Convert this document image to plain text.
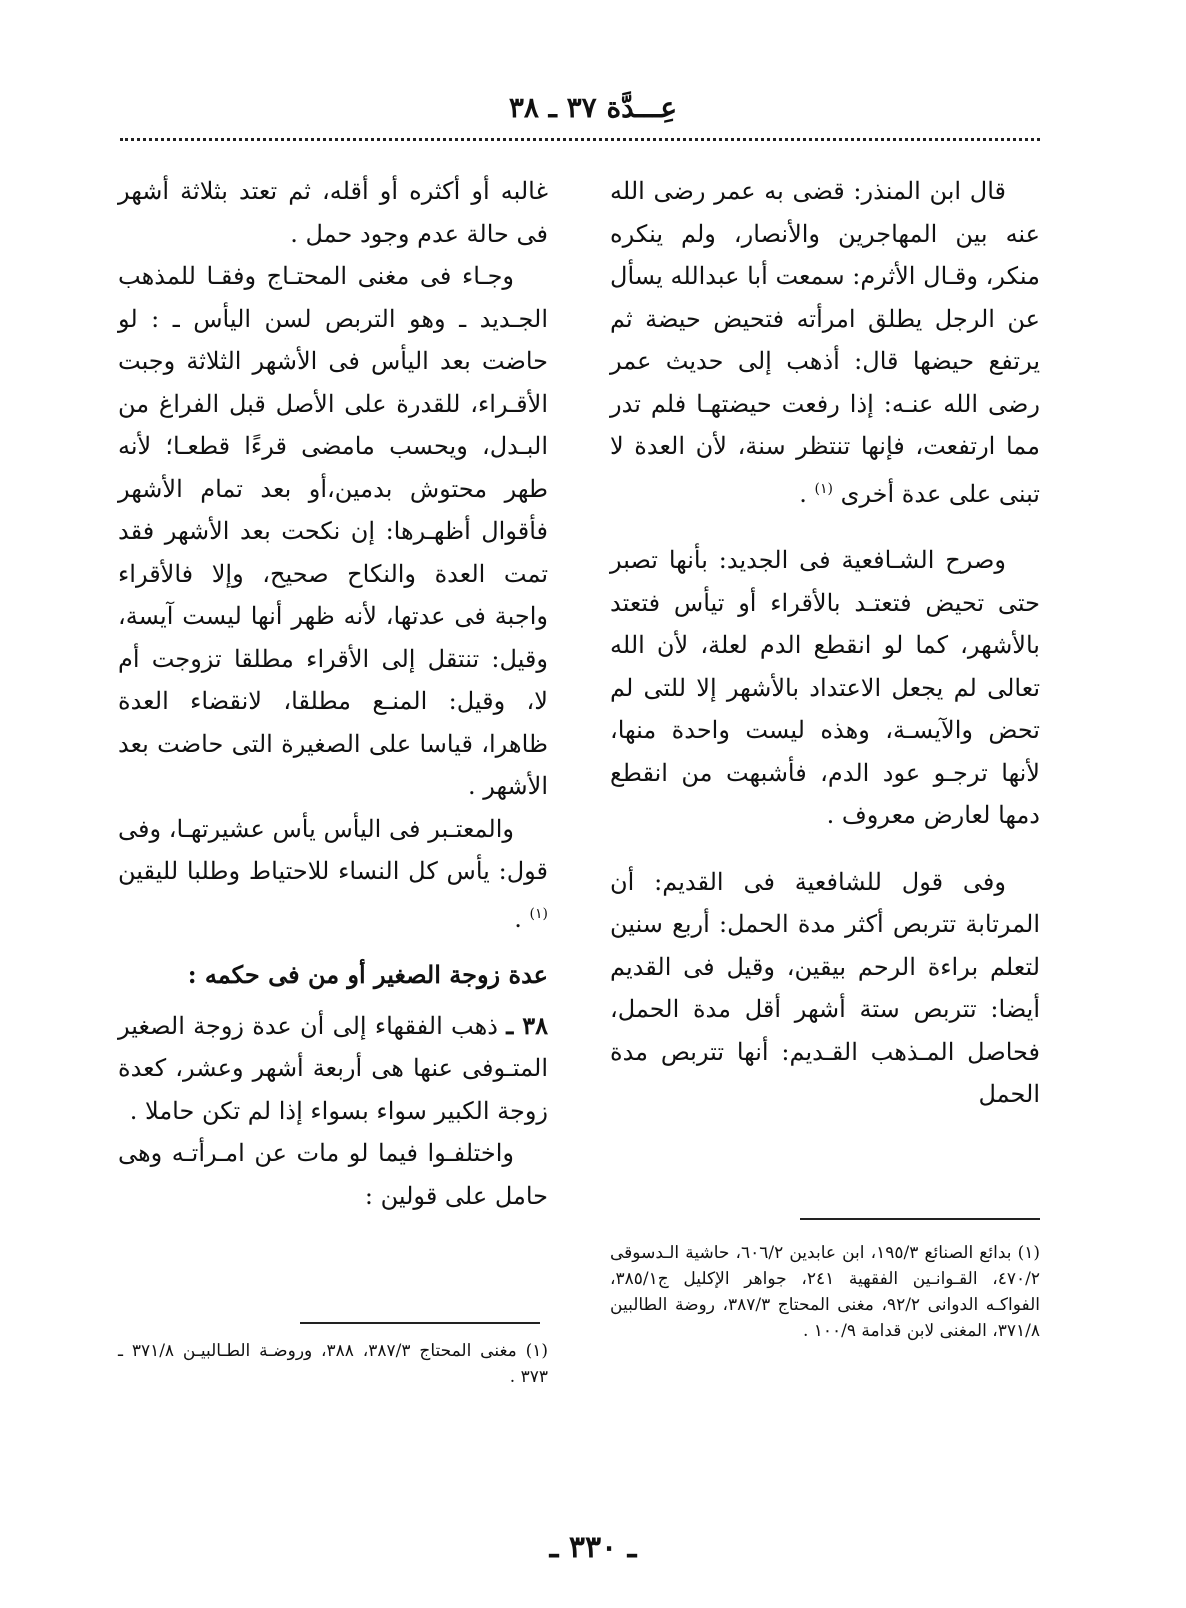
عِـــدَّة ٣٧ ـ ٣٨

قال ابن المنذر: قضى به عمر رضى الله عنه بين المهاجرين والأنصار، ولم ينكره منكر، وقـال الأثرم: سمعت أبا عبدالله يسأل عن الرجل يطلق امرأته فتحيض حيضة ثم يرتفع حيضها قال: أذهب إلى حديث عمر رضى الله عنـه: إذا رفعت حيضتهـا فلم تدر مما ارتفعت، فإنها تنتظر سنة، لأن العدة لا تبنى على عدة أخرى $^{(١)}$ .

وصرح الشـافعية فى الجديد: بأنها تصبر حتى تحيض فتعتـد بالأقراء أو تيأس فتعتد بالأشهر، كما لو انقطع الدم لعلة، لأن الله تعالى لم يجعل الاعتداد بالأشهر إلا للتى لم تحض والآيسـة، وهذه ليست واحدة منها، لأنها ترجـو عود الدم، فأشبهت من انقطع دمها لعارض معروف .

وفى قول للشافعية فى القديم: أن المرتابة تتربص أكثر مدة الحمل: أربع سنين لتعلم براءة الرحم بيقين، وقيل فى القديم أيضا: تتربص ستة أشهر أقل مدة الحمل، فحاصل المـذهب القـديم: أنها تتربص مدة الحمل

(١) بدائع الصنائع ١٩٥/٣، ابن عابدين ٦٠٦/٢، حاشية الـدسوقى ٤٧٠/٢، القـوانـين الفقهية ٢٤١، جواهر الإكليل ج٣٨٥/١، الفواكـه الدوانى ٩٢/٢، مغنى المحتاج ٣٨٧/٣، روضة الطالبين ٣٧١/٨، المغنى لابن قدامة ١٠٠/٩ .

غالبه أو أكثره أو أقله، ثم تعتد بثلاثة أشهر فى حالة عدم وجود حمل .

وجـاء فى مغنى المحتـاج وفقـا للمذهب الجـديد ـ وهو التربص لسن اليأس ـ : لو حاضت بعد اليأس فى الأشهر الثلاثة وجبت الأقـراء، للقدرة على الأصل قبل الفراغ من البـدل، ويحسب مامضى قرءًا قطعـا؛ لأنه طهر محتوش بدمين،أو بعد تمام الأشهر فأقوال أظهـرها: إن نكحت بعد الأشهر فقد تمت العدة والنكاح صحيح، وإلا فالأقراء واجبة فى عدتها، لأنه ظهر أنها ليست آيسة، وقيل: تنتقل إلى الأقراء مطلقا تزوجت أم لا، وقيل: المنـع مطلقا، لانقضاء العدة ظاهرا، قياسا على الصغيرة التى حاضت بعد الأشهر .

والمعتـبر فى اليأس يأس عشيرتهـا، وفى قول: يأس كل النساء للاحتياط وطلبا لليقين $^{(١)}$ .

عدة زوجة الصغير أو من فى حكمه :

٣٨ ـ ذهب الفقهاء إلى أن عدة زوجة الصغير المتـوفى عنها هى أربعة أشهر وعشر، كعدة زوجة الكبير سواء بسواء إذا لم تكن حاملا .

واختلفـوا فيما لو مات عن امـرأتـه وهى حامل على قولين :

(١) مغنى المحتاج ٣٨٧/٣، ٣٨٨، وروضـة الطـالبيـن ٣٧١/٨ ـ ٣٧٣ .
ـ ٣٣٠ ـ
